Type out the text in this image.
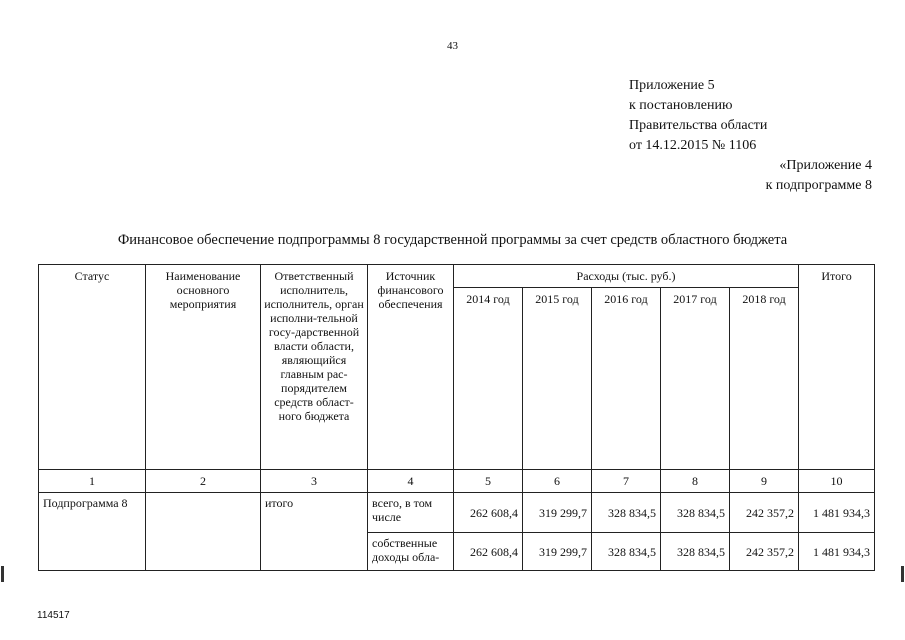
43
Приложение 5
к постановлению
Правительства области
от 14.12.2015 № 1106
«Приложение 4
к подпрограмме 8
Финансовое обеспечение подпрограммы 8 государственной программы за счет средств областного бюджета
Статус	Наименование основного мероприятия	Ответственный исполнитель, исполнитель, орган исполни-тельной госу-дарственной власти области, являющийся главным рас-порядителем средств област-ного бюджета	Источник финансового обеспечения	Расходы (тыс. руб.)					Итого
				2014 год	2015 год	2016 год	2017 год	2018 год	
1	2	3	4	5	6	7	8	9	10
Подпрограмма 8		итого	всего, в том числе	262 608,4	319 299,7	328 834,5	328 834,5	242 357,2	1 481 934,3
			собственные доходы обла-	262 608,4	319 299,7	328 834,5	328 834,5	242 357,2	1 481 934,3
114517
